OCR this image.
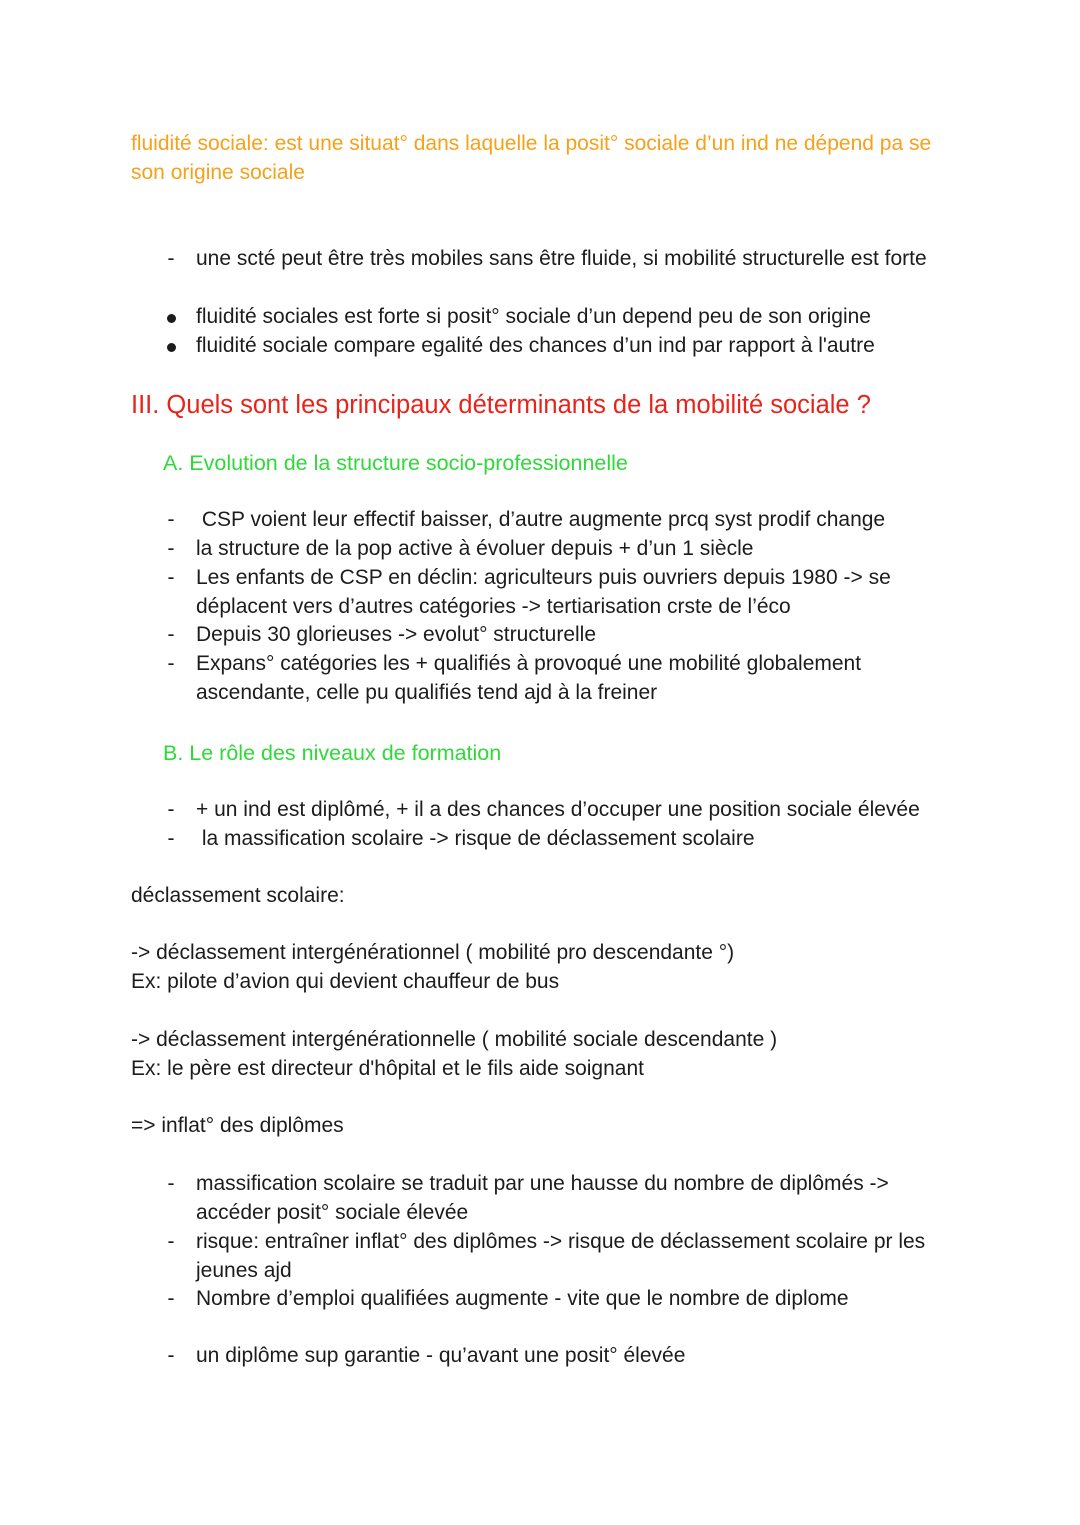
fluidité sociale: est une situat° dans laquelle la posit° sociale d’un ind ne dépend pa se son origine sociale
- une scté peut être très mobiles sans être fluide, si mobilité structurelle est forte
fluidité sociales est forte si posit° sociale d’un depend peu de son origine
fluidité sociale compare egalité des chances d’un ind par rapport à l'autre
III. Quels sont les principaux déterminants de la mobilité sociale ?
A. Evolution de la structure socio-professionnelle
- CSP voient leur effectif baisser, d’autre augmente prcq syst prodif change
- la structure de la pop active à évoluer depuis + d’un 1 siècle
- Les enfants de CSP en déclin: agriculteurs puis ouvriers depuis 1980 -> se déplacent vers d’autres catégories -> tertiarisation crste de l’éco
- Depuis 30 glorieuses -> evolut° structurelle
- Expans° catégories les + qualifiés à provoqué une mobilité globalement ascendante, celle pu qualifiés tend ajd à la freiner
B. Le rôle des niveaux de formation
- + un ind est diplômé, + il a des chances d’occuper une position sociale élevée
- la massification scolaire -> risque de déclassement scolaire
déclassement scolaire:
-> déclassement intergénérationnel ( mobilité pro descendante °)
Ex: pilote d’avion qui devient chauffeur de bus
-> déclassement intergénérationnelle ( mobilité sociale descendante )
Ex: le père est directeur d'hôpital et le fils aide soignant
=> inflat° des diplômes
- massification scolaire se traduit par une hausse du nombre de diplômés -> accéder posit° sociale élevée
- risque: entraîner inflat° des diplômes -> risque de déclassement scolaire pr les jeunes ajd
- Nombre d’emploi qualifiées augmente - vite que le nombre de diplome
- un diplôme sup garantie - qu’avant une posit° élevée
